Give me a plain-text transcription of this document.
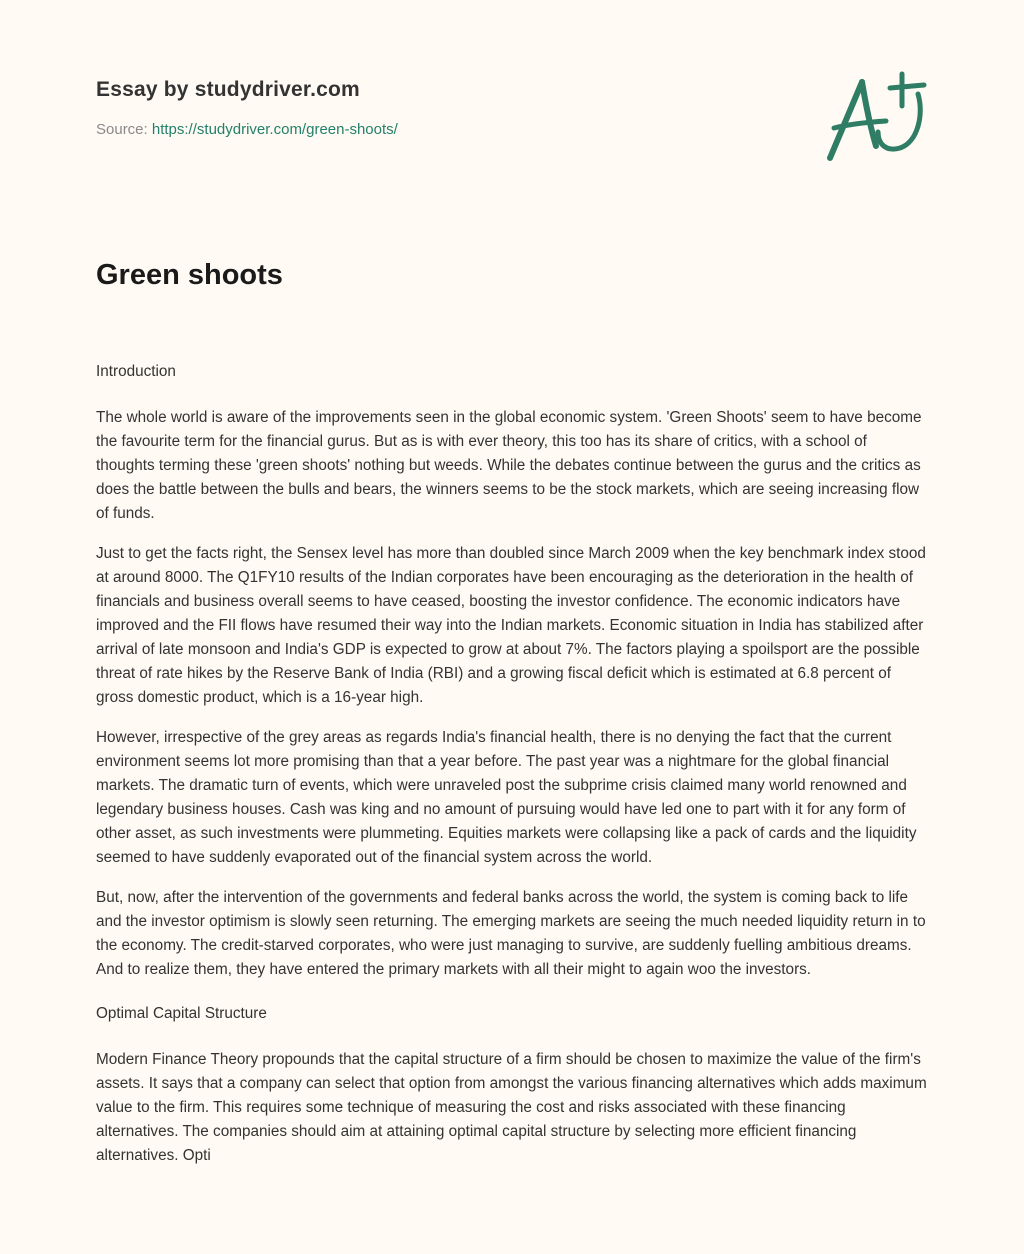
Essay by studydriver.com
Source: https://studydriver.com/green-shoots/
Green shoots

Introduction

The whole world is aware of the improvements seen in the global economic system. 'Green Shoots' seem to have become the favourite term for the financial gurus. But as is with ever theory, this too has its share of critics, with a school of thoughts terming these 'green shoots' nothing but weeds. While the debates continue between the gurus and the critics as does the battle between the bulls and bears, the winners seems to be the stock markets, which are seeing increasing flow of funds.

Just to get the facts right, the Sensex level has more than doubled since March 2009 when the key benchmark index stood at around 8000. The Q1FY10 results of the Indian corporates have been encouraging as the deterioration in the health of financials and business overall seems to have ceased, boosting the investor confidence. The economic indicators have improved and the FII flows have resumed their way into the Indian markets. Economic situation in India has stabilized after arrival of late monsoon and India's GDP is expected to grow at about 7%. The factors playing a spoilsport are the possible threat of rate hikes by the Reserve Bank of India (RBI) and a growing fiscal deficit which is estimated at 6.8 percent of gross domestic product, which is a 16-year high.

However, irrespective of the grey areas as regards India's financial health, there is no denying the fact that the current environment seems lot more promising than that a year before. The past year was a nightmare for the global financial markets. The dramatic turn of events, which were unraveled post the subprime crisis claimed many world renowned and legendary business houses. Cash was king and no amount of pursuing would have led one to part with it for any form of other asset, as such investments were plummeting. Equities markets were collapsing like a pack of cards and the liquidity seemed to have suddenly evaporated out of the financial system across the world.

But, now, after the intervention of the governments and federal banks across the world, the system is coming back to life and the investor optimism is slowly seen returning. The emerging markets are seeing the much needed liquidity return in to the economy. The credit-starved corporates, who were just managing to survive, are suddenly fuelling ambitious dreams. And to realize them, they have entered the primary markets with all their might to again woo the investors.

Optimal Capital Structure

Modern Finance Theory propounds that the capital structure of a firm should be chosen to maximize the value of the firm's assets. It says that a company can select that option from amongst the various financing alternatives which adds maximum value to the firm. This requires some technique of measuring the cost and risks associated with these financing alternatives. The companies should aim at attaining optimal capital structure by selecting more efficient financing alternatives. Opti
